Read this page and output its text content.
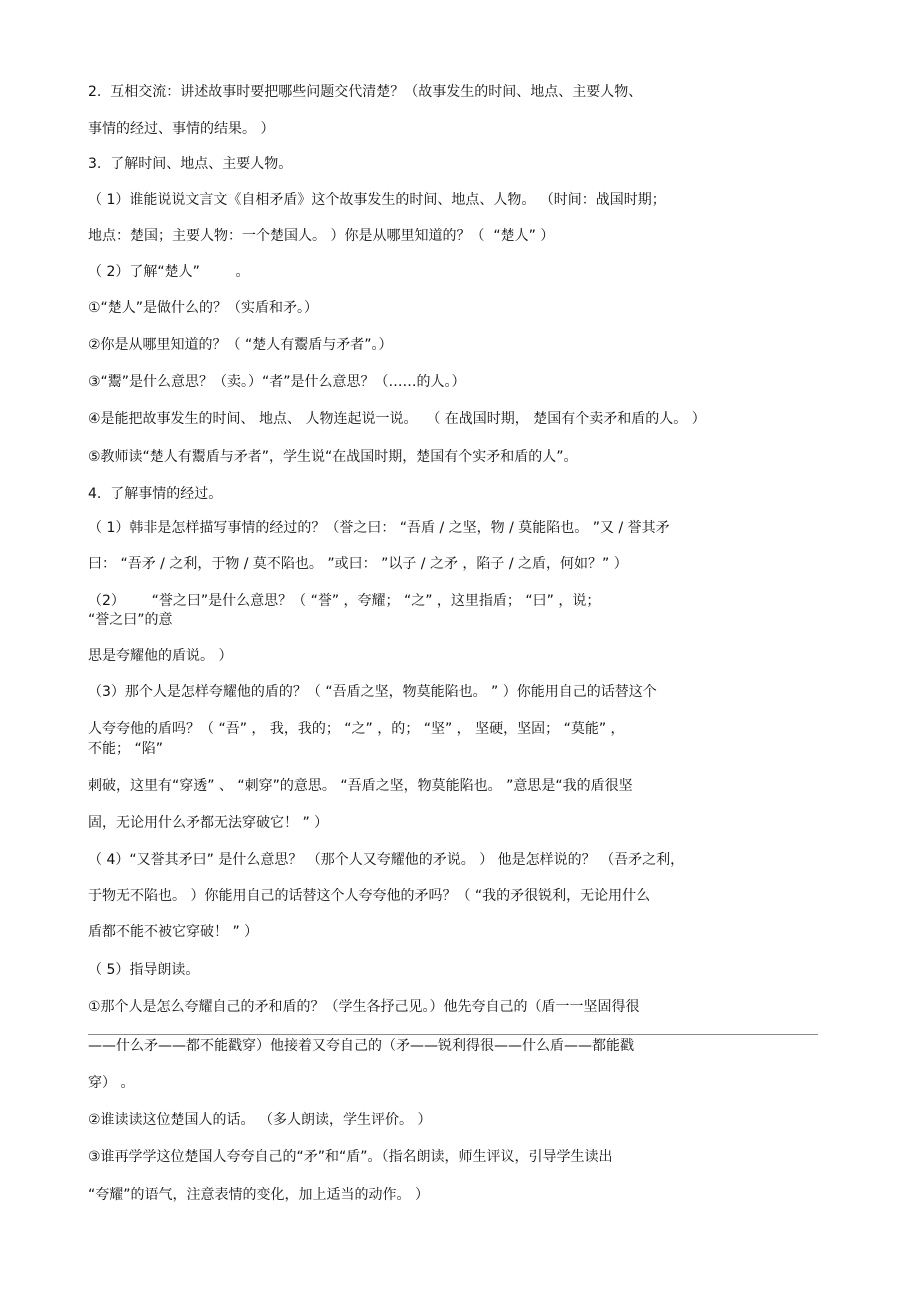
2.  互相交流：讲述故事时要把哪些问题交代清楚？（故事发生的时间、地点、主要人物、
事情的经过、事情的结果。 ）
3.  了解时间、地点、主要人物。
（ 1）谁能说说文言文《自相矛盾》这个故事发生的时间、地点、人物。 （时间：战国时期；
地点：楚国；主要人物：一个楚国人。 ）你是从哪里知道的？（  “楚人” ）
（ 2）了解“楚人”        。
①“楚人”是做什么的？（实盾和矛。）
②你是从哪里知道的？（ “楚人有鬻盾与矛者”。）
③“鬻”是什么意思？（卖。）“者”是什么意思？（……的人。）
④是能把故事发生的时间、 地点、 人物连起说一说。  （ 在战国时期， 楚国有个卖矛和盾的人。 ）
⑤教师读“楚人有鬻盾与矛者”，学生说“在战国时期，楚国有个实矛和盾的人”。
4.  了解事情的经过。
（ 1）韩非是怎样描写事情的经过的？（誉之曰： “吾盾 / 之坚，物 / 莫能陷也。 ”又 / 誉其矛
曰： “吾矛 / 之利，于物 / 莫不陷也。 ”或曰： ”以子 / 之矛 ，陷子 / 之盾，何如？” ）
（2）      “誉之曰”是什么意思？（ “誉” ，夸耀； “之” ，这里指盾； “曰” ，说；
“誉之曰”的意
思是夸耀他的盾说。 ）
（3）那个人是怎样夸耀他的盾的？（ “吾盾之坚，物莫能陷也。 ” ）你能用自己的话替这个
人夸夸他的盾吗？（ “吾” ， 我，我的； “之” ，的； “坚” ， 坚硬，坚固； “莫能” ，
不能； “陷”
刺破，这里有“穿透” 、 “刺穿”的意思。 “吾盾之坚，物莫能陷也。 ”意思是“我的盾很坚
固，无论用什么矛都无法穿破它！ ” ）
（ 4）“又誉其矛曰” 是什么意思？ （那个人又夸耀他的矛说。 ） 他是怎样说的？ （吾矛之利，
于物无不陷也。 ）你能用自己的话替这个人夸夸他的矛吗？（ “我的矛很锐利，无论用什么
盾都不能不被它穿破！ ” ）
（ 5）指导朗读。
①那个人是怎么夸耀自己的矛和盾的？（学生各抒己见。）他先夸自己的（盾一一坚固得很
——什么矛——都不能戳穿）他接着又夸自己的（矛——锐利得很——什么盾——都能戳
穿） 。
②谁读读这位楚国人的话。 （多人朗读，学生评价。 ）
③谁再学学这位楚国人夸夸自己的“矛”和“盾”。（指名朗读，师生评议，引导学生读出
“夸耀”的语气，注意表情的变化，加上适当的动作。 ）
